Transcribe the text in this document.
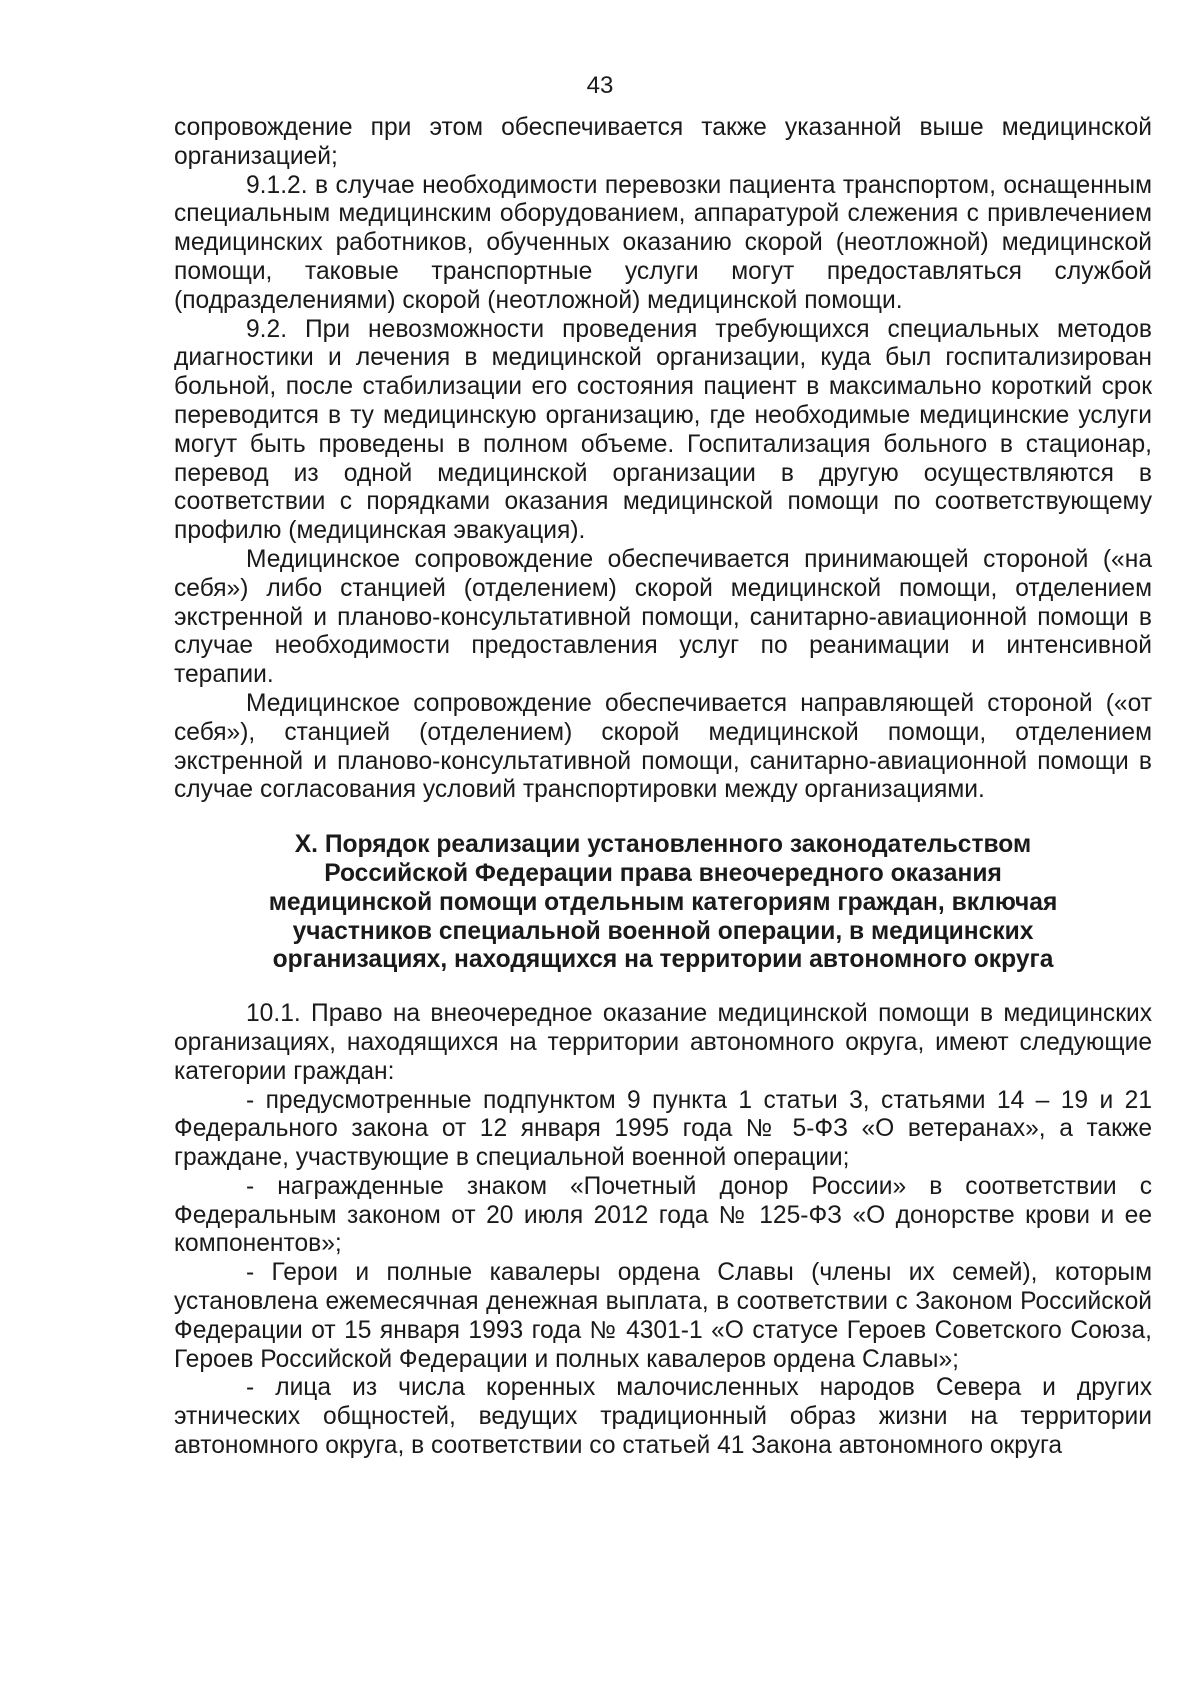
43

сопровождение при этом обеспечивается также указанной выше медицинской организацией;

9.1.2. в случае необходимости перевозки пациента транспортом, оснащенным специальным медицинским оборудованием, аппаратурой слежения с привлечением медицинских работников, обученных оказанию скорой (неотложной) медицинской помощи, таковые транспортные услуги могут предоставляться службой (подразделениями) скорой (неотложной) медицинской помощи.

9.2. При невозможности проведения требующихся специальных методов диагностики и лечения в медицинской организации, куда был госпитализирован больной, после стабилизации его состояния пациент в максимально короткий срок переводится в ту медицинскую организацию, где необходимые медицинские услуги могут быть проведены в полном объеме. Госпитализация больного в стационар, перевод из одной медицинской организации в другую осуществляются в соответствии с порядками оказания медицинской помощи по соответствующему профилю (медицинская эвакуация).

Медицинское сопровождение обеспечивается принимающей стороной («на себя») либо станцией (отделением) скорой медицинской помощи, отделением экстренной и планово-консультативной помощи, санитарно-авиационной помощи в случае необходимости предоставления услуг по реанимации и интенсивной терапии.

Медицинское сопровождение обеспечивается направляющей стороной («от себя»), станцией (отделением) скорой медицинской помощи, отделением экстренной и планово-консультативной помощи, санитарно-авиационной помощи в случае согласования условий транспортировки между организациями.

X. Порядок реализации установленного законодательством
Российской Федерации права внеочередного оказания
медицинской помощи отдельным категориям граждан, включая
участников специальной военной операции, в медицинских
организациях, находящихся на территории автономного округа

10.1. Право на внеочередное оказание медицинской помощи в медицинских организациях, находящихся на территории автономного округа, имеют следующие категории граждан:

- предусмотренные подпунктом 9 пункта 1 статьи 3, статьями 14 – 19 и 21 Федерального закона от 12 января 1995 года № 5-ФЗ «О ветеранах», а также граждане, участвующие в специальной военной операции;

- награжденные знаком «Почетный донор России» в соответствии с Федеральным законом от 20 июля 2012 года № 125-ФЗ «О донорстве крови и ее компонентов»;

- Герои и полные кавалеры ордена Славы (члены их семей), которым установлена ежемесячная денежная выплата, в соответствии с Законом Российской Федерации от 15 января 1993 года № 4301-1 «О статусе Героев Советского Союза, Героев Российской Федерации и полных кавалеров ордена Славы»;

- лица из числа коренных малочисленных народов Севера и других этнических общностей, ведущих традиционный образ жизни на территории автономного округа, в соответствии со статьей 41 Закона автономного округа
